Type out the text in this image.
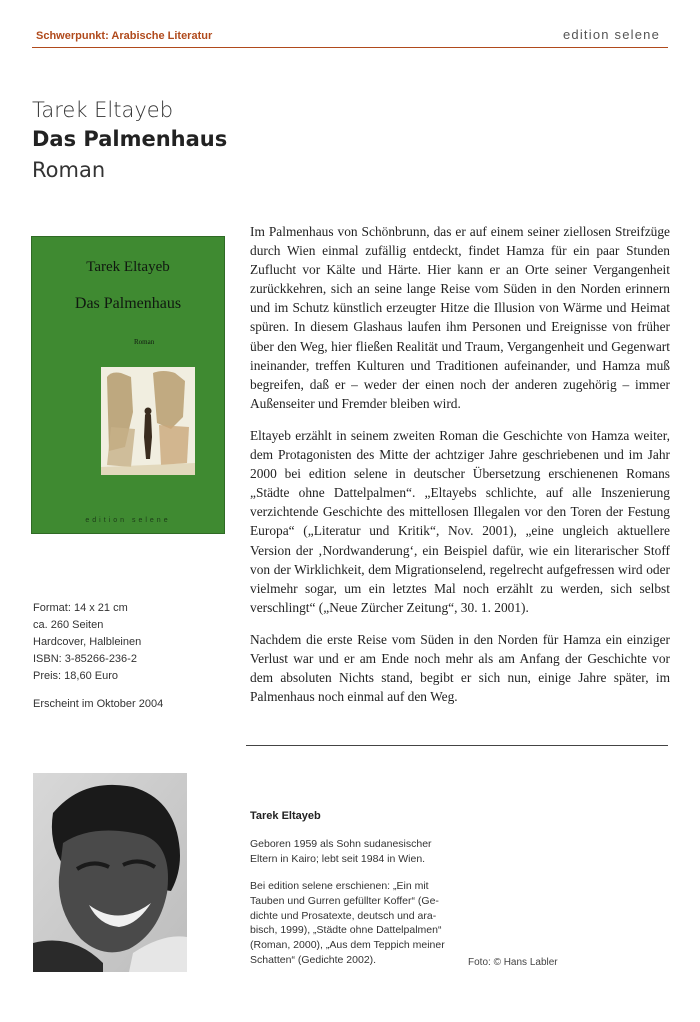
Schwerpunkt: Arabische Literatur	edition selene
Tarek Eltayeb
Das Palmenhaus
Roman
Tarek Eltayeb
Das Palmenhaus
Roman
edition selene

Im Palmenhaus von Schönbrunn, das er auf einem seiner ziellosen Streifzüge durch Wien einmal zufällig entdeckt, findet Hamza für ein paar Stunden Zuflucht vor Kälte und Härte. Hier kann er an Orte seiner Vergangenheit zurückkehren, sich an seine lange Reise vom Süden in den Norden erinnern und im Schutz künstlich erzeugter Hitze die Illusion von Wärme und Heimat spüren. In diesem Glashaus laufen ihm Personen und Ereignisse von früher über den Weg, hier fließen Realität und Traum, Vergangenheit und Gegenwart ineinander, treffen Kulturen und Traditionen aufeinander, und Hamza muß begreifen, daß er – weder der einen noch der anderen zugehörig – immer Außenseiter und Fremder bleiben wird.

Eltayeb erzählt in seinem zweiten Roman die Geschichte von Hamza weiter, dem Protagonisten des Mitte der achtziger Jahre geschriebenen und im Jahr 2000 bei edition selene in deutscher Übersetzung erschienenen Romans „Städte ohne Dattelpalmen“. „Eltayebs schlichte, auf alle Inszenierung verzichtende Geschichte des mittellosen Illegalen vor den Toren der Festung Europa“ („Literatur und Kritik“, Nov. 2001), „eine ungleich aktuellere Version der ‚Nordwanderung‘, ein Beispiel dafür, wie ein literarischer Stoff von der Wirklichkeit, dem Migrationselend, regelrecht aufgefressen wird oder vielmehr sogar, um ein letztes Mal noch erzählt zu werden, sich selbst verschlingt“ („Neue Zürcher Zeitung“, 30. 1. 2001).

Nachdem die erste Reise vom Süden in den Norden für Hamza ein einziger Verlust war und er am Ende noch mehr als am Anfang der Geschichte vor dem absoluten Nichts stand, begibt er sich nun, einige Jahre später, im Palmenhaus noch einmal auf den Weg.

Format: 14 x 21 cm
ca. 260 Seiten
Hardcover, Halbleinen
ISBN: 3-85266-236-2
Preis: 18,60 Euro
Erscheint im Oktober 2004
Tarek Eltayeb
Geboren 1959 als Sohn sudanesischer Eltern in Kairo; lebt seit 1984 in Wien.
Bei edition selene erschienen: „Ein mit Tauben und Gurren gefüllter Koffer“ (Gedichte und Prosatexte, deutsch und arabisch, 1999), „Städte ohne Dattelpalmen“ (Roman, 2000), „Aus dem Teppich meiner Schatten“ (Gedichte 2002).	Foto: © Hans Labler
